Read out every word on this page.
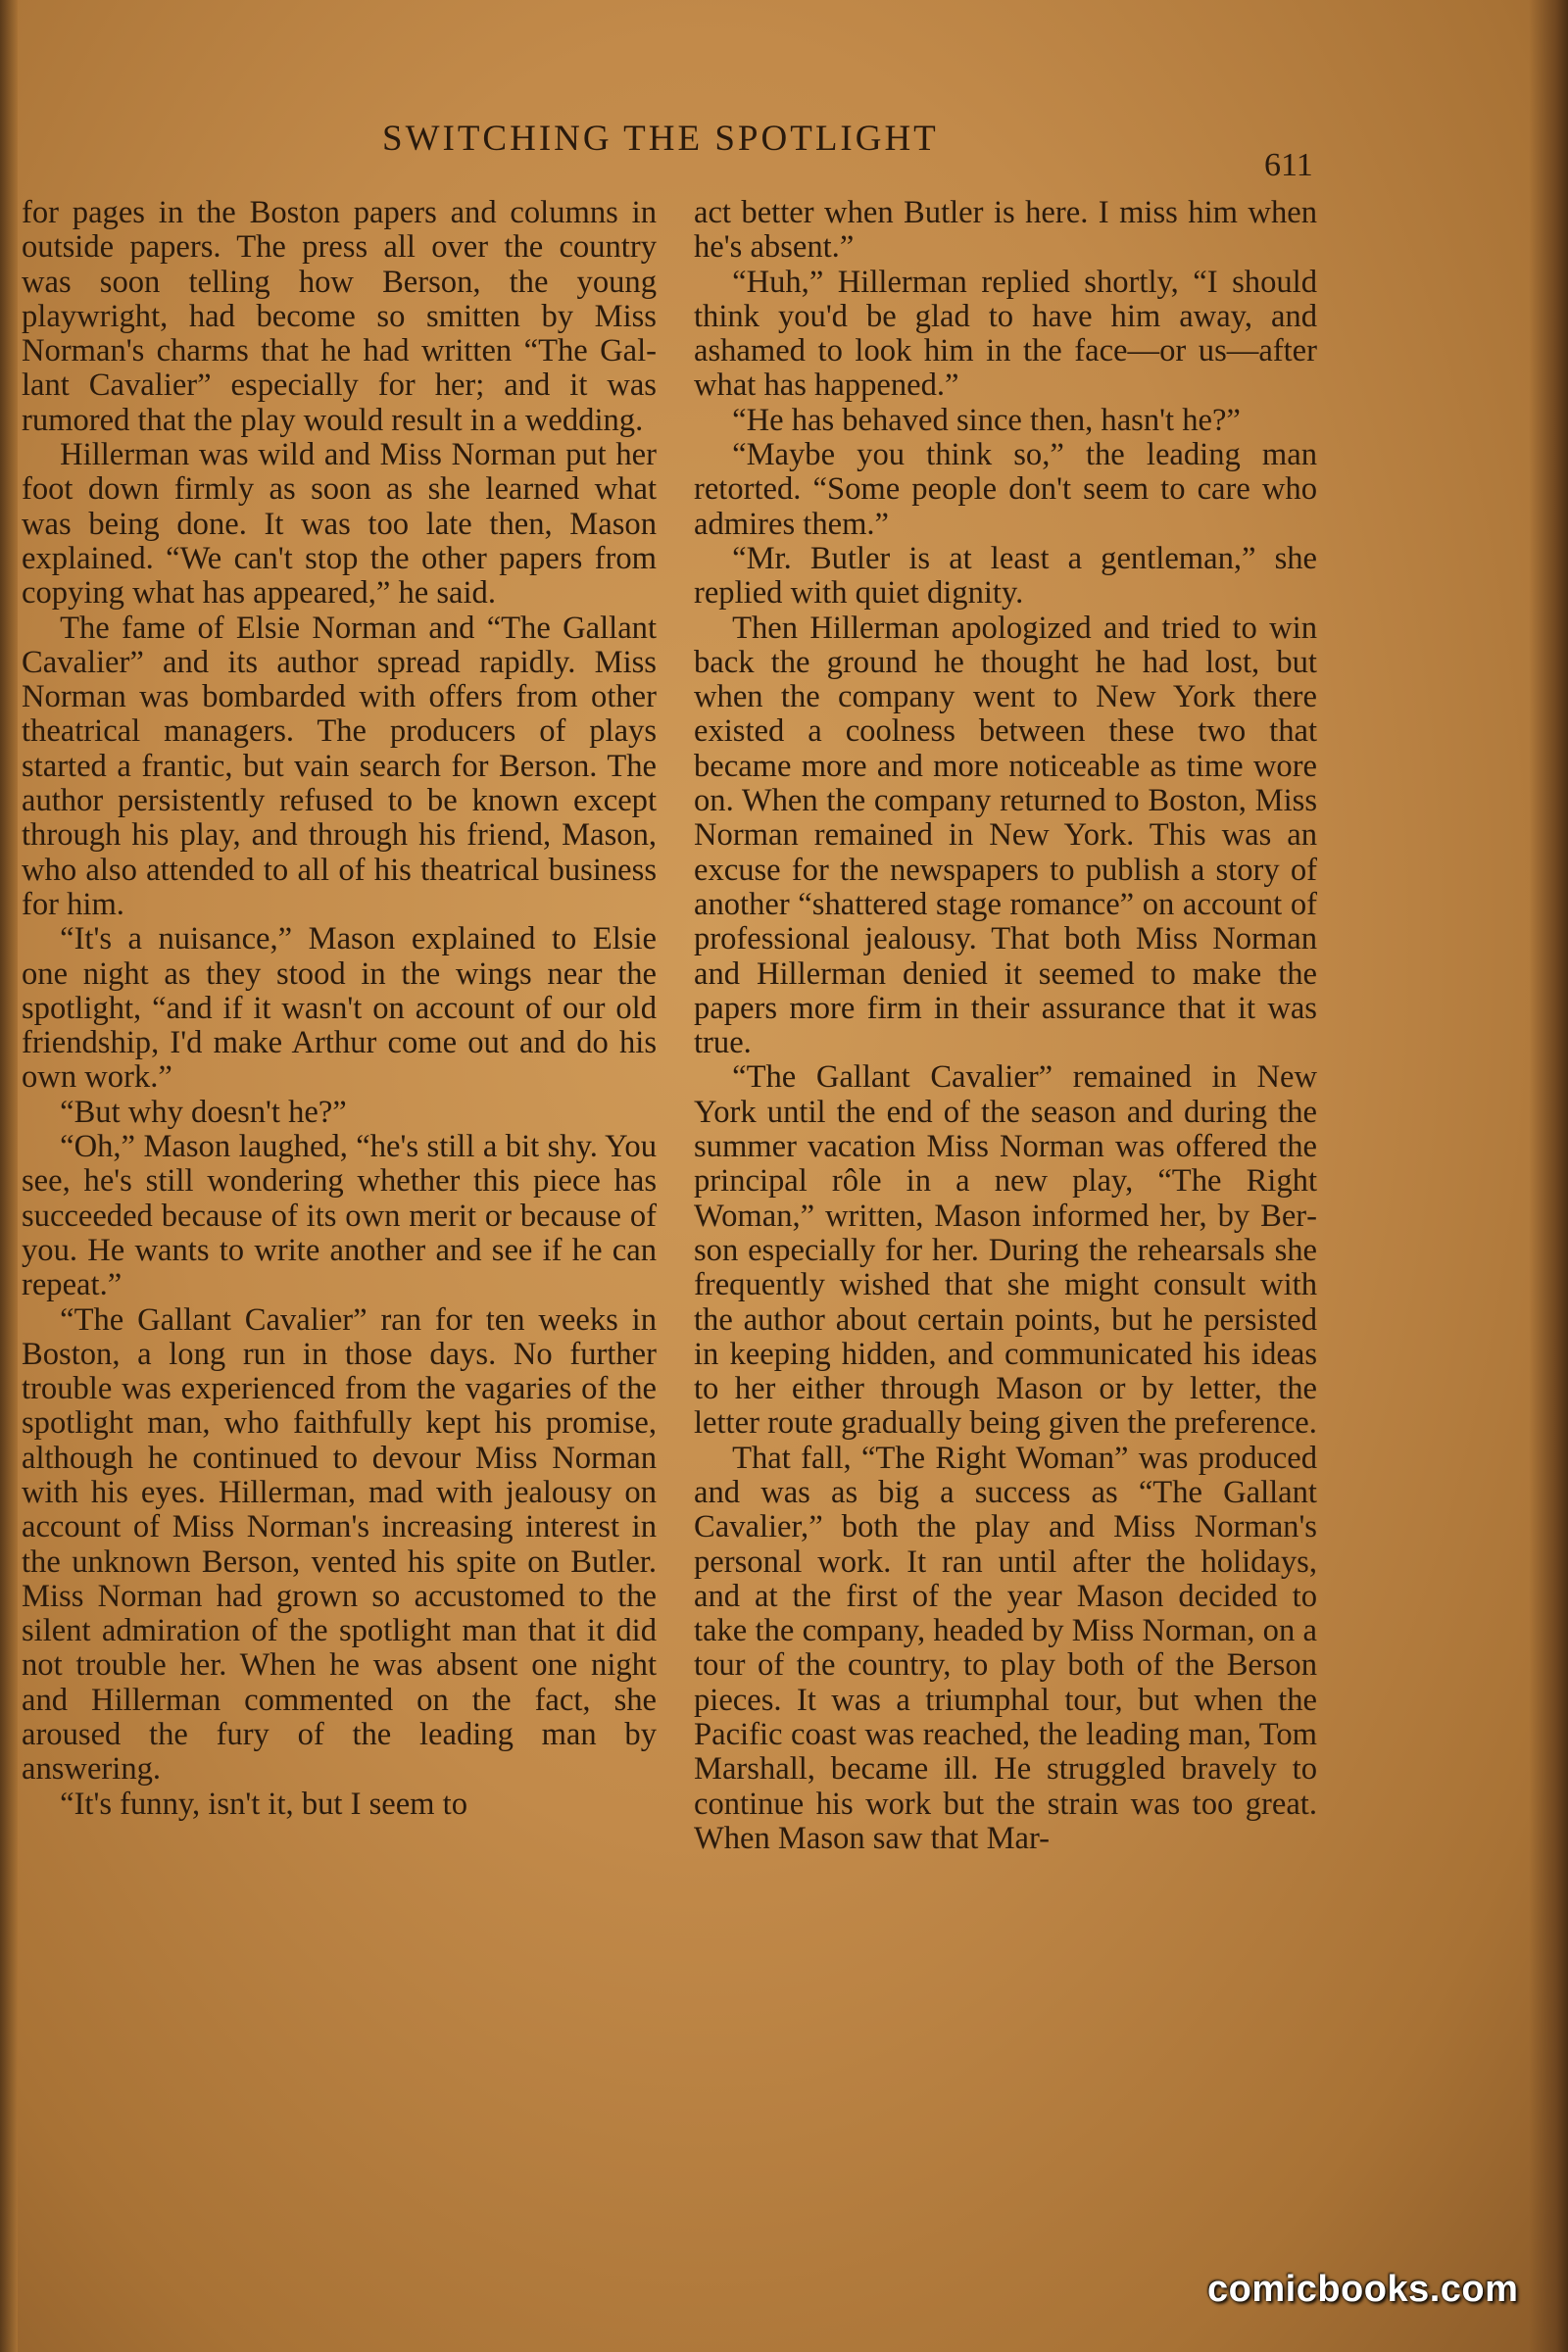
SWITCHING THE SPOTLIGHT
611

for pages in the Boston papers and columns in outside papers. The press all over the country was soon telling how Berson, the young playwright, had become so smitten by Miss Norman's charms that he had written “The Gallant Cavalier” especially for her; and it was rumored that the play would result in a wedding.

Hillerman was wild and Miss Norman put her foot down firmly as soon as she learned what was being done. It was too late then, Mason explained. “We can't stop the other papers from copying what has appeared,” he said.

The fame of Elsie Norman and “The Gallant Cavalier” and its author spread rapidly. Miss Norman was bombarded with offers from other theatrical managers. The producers of plays started a frantic, but vain search for Berson. The author persistently refused to be known except through his play, and through his friend, Mason, who also attended to all of his theatrical business for him.

“It's a nuisance,” Mason explained to Elsie one night as they stood in the wings near the spotlight, “and if it wasn't on account of our old friendship, I'd make Arthur come out and do his own work.”

“But why doesn't he?”

“Oh,” Mason laughed, “he's still a bit shy. You see, he's still wondering whether this piece has succeeded because of its own merit or because of you. He wants to write another and see if he can repeat.”

“The Gallant Cavalier” ran for ten weeks in Boston, a long run in those days. No further trouble was experienced from the vagaries of the spotlight man, who faithfully kept his promise, although he continued to devour Miss Norman with his eyes. Hillerman, mad with jealousy on account of Miss Norman's increasing interest in the unknown Berson, vented his spite on Butler. Miss Norman had grown so accustomed to the silent admiration of the spotlight man that it did not trouble her. When he was absent one night and Hillerman commented on the fact, she aroused the fury of the leading man by answering.

“It's funny, isn't it, but I seem to

act better when Butler is here. I miss him when he's absent.”

“Huh,” Hillerman replied shortly, “I should think you'd be glad to have him away, and ashamed to look him in the face—or us—after what has happened.”

“He has behaved since then, hasn't he?”

“Maybe you think so,” the leading man retorted. “Some people don't seem to care who admires them.”

“Mr. Butler is at least a gentleman,” she replied with quiet dignity.

Then Hillerman apologized and tried to win back the ground he thought he had lost, but when the company went to New York there existed a coolness between these two that became more and more noticeable as time wore on. When the company returned to Boston, Miss Norman remained in New York. This was an excuse for the newspapers to publish a story of another “shattered stage romance” on account of professional jealousy. That both Miss Norman and Hillerman denied it seemed to make the papers more firm in their assurance that it was true.

“The Gallant Cavalier” remained in New York until the end of the season and during the summer vacation Miss Norman was offered the principal rôle in a new play, “The Right Woman,” written, Mason informed her, by Berson especially for her. During the rehearsals she frequently wished that she might consult with the author about certain points, but he persisted in keeping hidden, and communicated his ideas to her either through Mason or by letter, the letter route gradually being given the preference.

That fall, “The Right Woman” was produced and was as big a success as “The Gallant Cavalier,” both the play and Miss Norman's personal work. It ran until after the holidays, and at the first of the year Mason decided to take the company, headed by Miss Norman, on a tour of the country, to play both of the Berson pieces. It was a triumphal tour, but when the Pacific coast was reached, the leading man, Tom Marshall, became ill. He struggled bravely to continue his work but the strain was too great. When Mason saw that Mar-

comicbooks.com
